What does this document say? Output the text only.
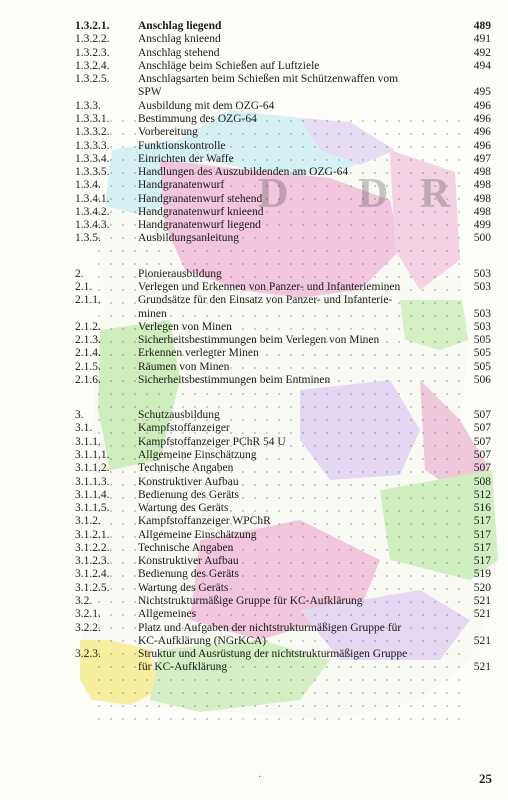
D D R
1.3.2.1. Anschlag liegend	489
1.3.2.2. Anschlag knieend	491
1.3.2.3. Anschlag stehend	492
1.3.2.4. Anschläge beim Schießen auf Luftziele	494
1.3.2.5. Anschlagsarten beim Schießen mit Schützenwaffen vom
SPW	495
1.3.3.	Ausbildung mit dem OZG-64	496
1.3.3.1. Bestimmung des OZG-64	496
1.3.3.2. Vorbereitung	496
1.3.3.3. Funktionskontrolle	496
1.3.3.4. Einrichten der Waffe	497
1.3.3.5. Handlungen des Auszubildenden am OZG-64	498
1.3.4.	Handgranatenwurf	498
1.3.4.1. Handgranatenwurf stehend	498
1.3.4.2. Handgranatenwurf knieend	498
1.3.4.3. Handgranatenwurf liegend	499
1.3.5.	Ausbildungsanleitung	500
2.	Pionierausbildung	503
2.1.	Verlegen und Erkennen von Panzer- und Infanterieminen	503
2.1.1.	Grundsätze für den Einsatz von Panzer- und Infanterie-
minen	503
2.1.2.	Verlegen von Minen	503
2.1.3.	Sicherheitsbestimmungen beim Verlegen von Minen	505
2.1.4.	Erkennen verlegter Minen	505
2.1.5.	Räumen von Minen	505
2.1.6.	Sicherheitsbestimmungen beim Entminen	506
3.	Schutzausbildung	507
3.1.	Kampfstoffanzeiger	507
3.1.1.	Kampfstoffanzeiger PChR 54 U	507
3.1.1.1. Allgemeine Einschätzung	507
3.1.1.2. Technische Angaben	507
3.1.1.3. Konstruktiver Aufbau	508
3.1.1.4. Bedienung des Geräts	512
3.1.1.5. Wartung des Geräts	516
3.1.2.	Kampfstoffanzeiger WPChR	517
3.1.2.1. Allgemeine Einschätzung	517
3.1.2.2. Technische Angaben	517
3.1.2.3. Konstruktiver Aufbau	517
3.1.2.4. Bedienung des Geräts	519
3.1.2.5. Wartung des Geräts	520
3.2.	Nichtstrukturmäßige Gruppe für KC-Aufklärung	521
3.2.1.	Allgemeines	521
3.2.2.	Platz und Aufgaben der nichtstrukturmäßigen Gruppe für
KC-Aufklärung (NGrKCA)	521
3.2.3.	Struktur und Ausrüstung der nichtstrukturmäßigen Gruppe
für KC-Aufklärung	521
·	25
